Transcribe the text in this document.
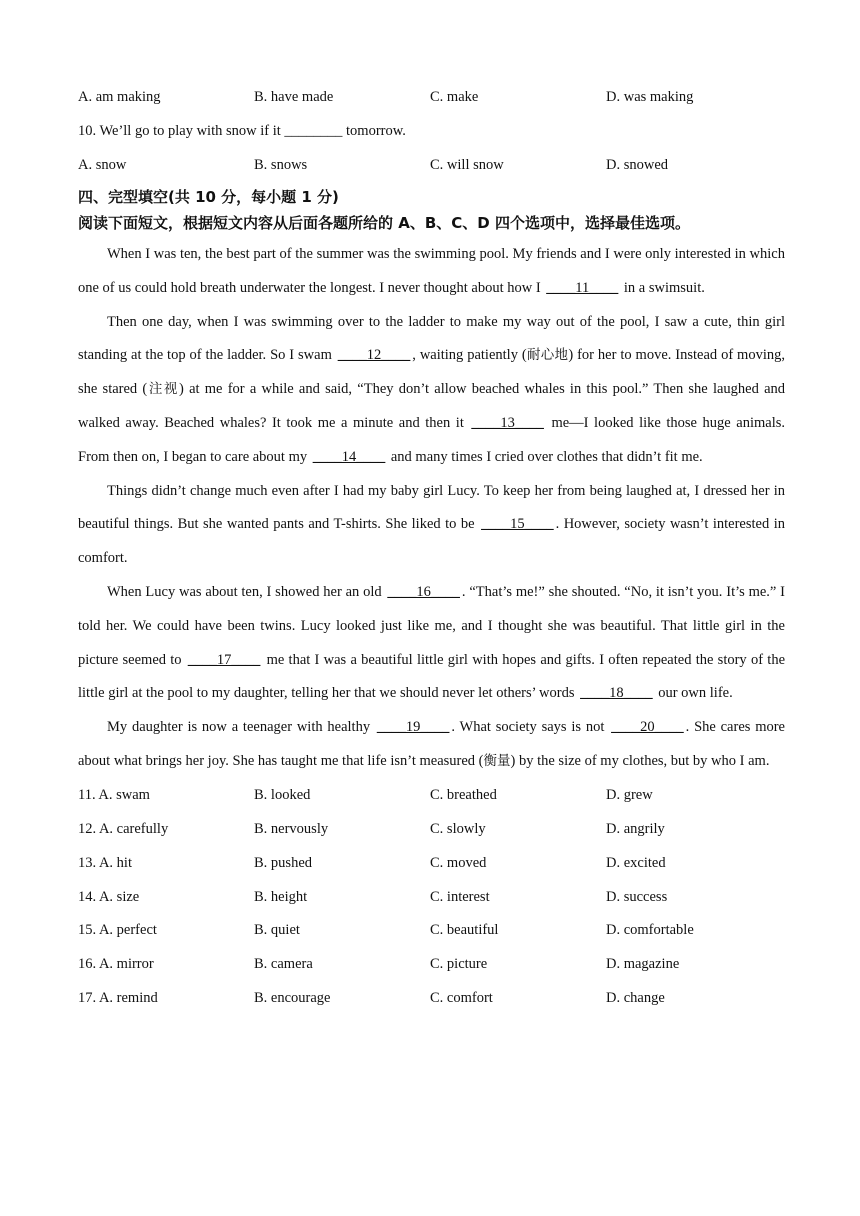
A. am making	B. have made	C. make	D. was making
10. We’ll go to play with snow if it ________ tomorrow.
A. snow	B. snows	C. will snow	D. snowed
四、完型填空(共 10 分，每小题 1 分)
阅读下面短文，根据短文内容从后面各题所给的 A、B、C、D 四个选项中，选择最佳选项。

When I was ten, the best part of the summer was the swimming pool. My friends and I were only interested in which one of us could hold breath underwater the longest. I never thought about how I ____11____ in a swimsuit.

Then one day, when I was swimming over to the ladder to make my way out of the pool, I saw a cute, thin girl standing at the top of the ladder. So I swam ____12____ , waiting patiently (耐心地) for her to move. Instead of moving, she stared (注视) at me for a while and said, “They don’t allow beached whales in this pool.” Then she laughed and walked away. Beached whales? It took me a minute and then it ____13____ me—I looked like those huge animals. From then on, I began to care about my ____14____ and many times I cried over clothes that didn’t fit me.

Things didn’t change much even after I had my baby girl Lucy. To keep her from being laughed at, I dressed her in beautiful things. But she wanted pants and T-shirts. She liked to be ____15____ . However, society wasn’t interested in comfort.

When Lucy was about ten, I showed her an old ____16____ . “That’s me!” she shouted. “No, it isn’t you. It’s me.” I told her. We could have been twins. Lucy looked just like me, and I thought she was beautiful. That little girl in the picture seemed to ____17____ me that I was a beautiful little girl with hopes and gifts. I often repeated the story of the little girl at the pool to my daughter, telling her that we should never let others’ words ____18____ our own life.

My daughter is now a teenager with healthy ____19____ . What society says is not ____20____ . She cares more about what brings her joy. She has taught me that life isn’t measured (衡量) by the size of my clothes, but by who I am.

11. A. swam	B. looked	C. breathed	D. grew
12. A. carefully	B. nervously	C. slowly	D. angrily
13. A. hit	B. pushed	C. moved	D. excited
14. A. size	B. height	C. interest	D. success
15. A. perfect	B. quiet	C. beautiful	D. comfortable
16. A. mirror	B. camera	C. picture	D. magazine
17. A. remind	B. encourage	C. comfort	D. change
